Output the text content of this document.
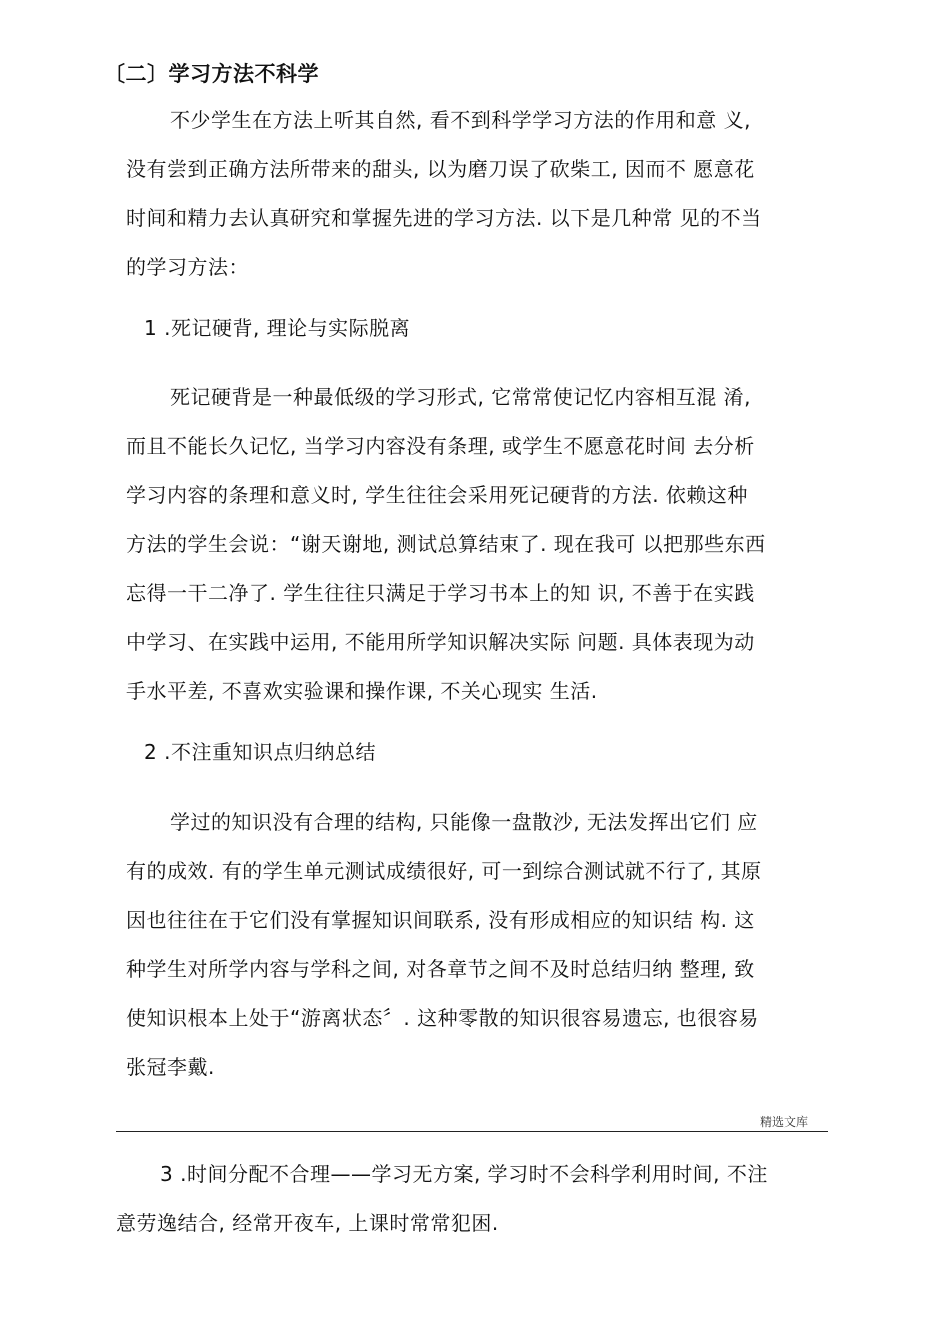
〔二〕学习方法不科学
不少学生在方法上听其自然, 看不到科学学习方法的作用和意 义,
没有尝到正确方法所带来的甜头, 以为磨刀误了砍柴工, 因而不 愿意花
时间和精力去认真研究和掌握先进的学习方法. 以下是几种常 见的不当
的学习方法：
1 .死记硬背, 理论与实际脱离
死记硬背是一种最低级的学习形式, 它常常使记忆内容相互混 淆,
而且不能长久记忆, 当学习内容没有条理, 或学生不愿意花时间 去分析
学习内容的条理和意义时, 学生往往会采用死记硬背的方法. 依赖这种
方法的学生会说：“谢天谢地, 测试总算结束了. 现在我可 以把那些东西
忘得一干二净了. 学生往往只满足于学习书本上的知 识, 不善于在实践
中学习、在实践中运用, 不能用所学知识解决实际 问题. 具体表现为动
手水平差, 不喜欢实验课和操作课, 不关心现实 生活.
2 .不注重知识点归纳总结
学过的知识没有合理的结构, 只能像一盘散沙, 无法发挥出它们 应
有的成效. 有的学生单元测试成绩很好, 可一到综合测试就不行了, 其原
因也往往在于它们没有掌握知识间联系, 没有形成相应的知识结 构. 这
种学生对所学内容与学科之间, 对各章节之间不及时总结归纳 整理, 致
使知识根本上处于“游离状态〞. 这种零散的知识很容易遗忘, 也很容易
张冠李戴.
精选文库
3 .时间分配不合理——学习无方案, 学习时不会科学利用时间, 不注
意劳逸结合, 经常开夜车, 上课时常常犯困.
